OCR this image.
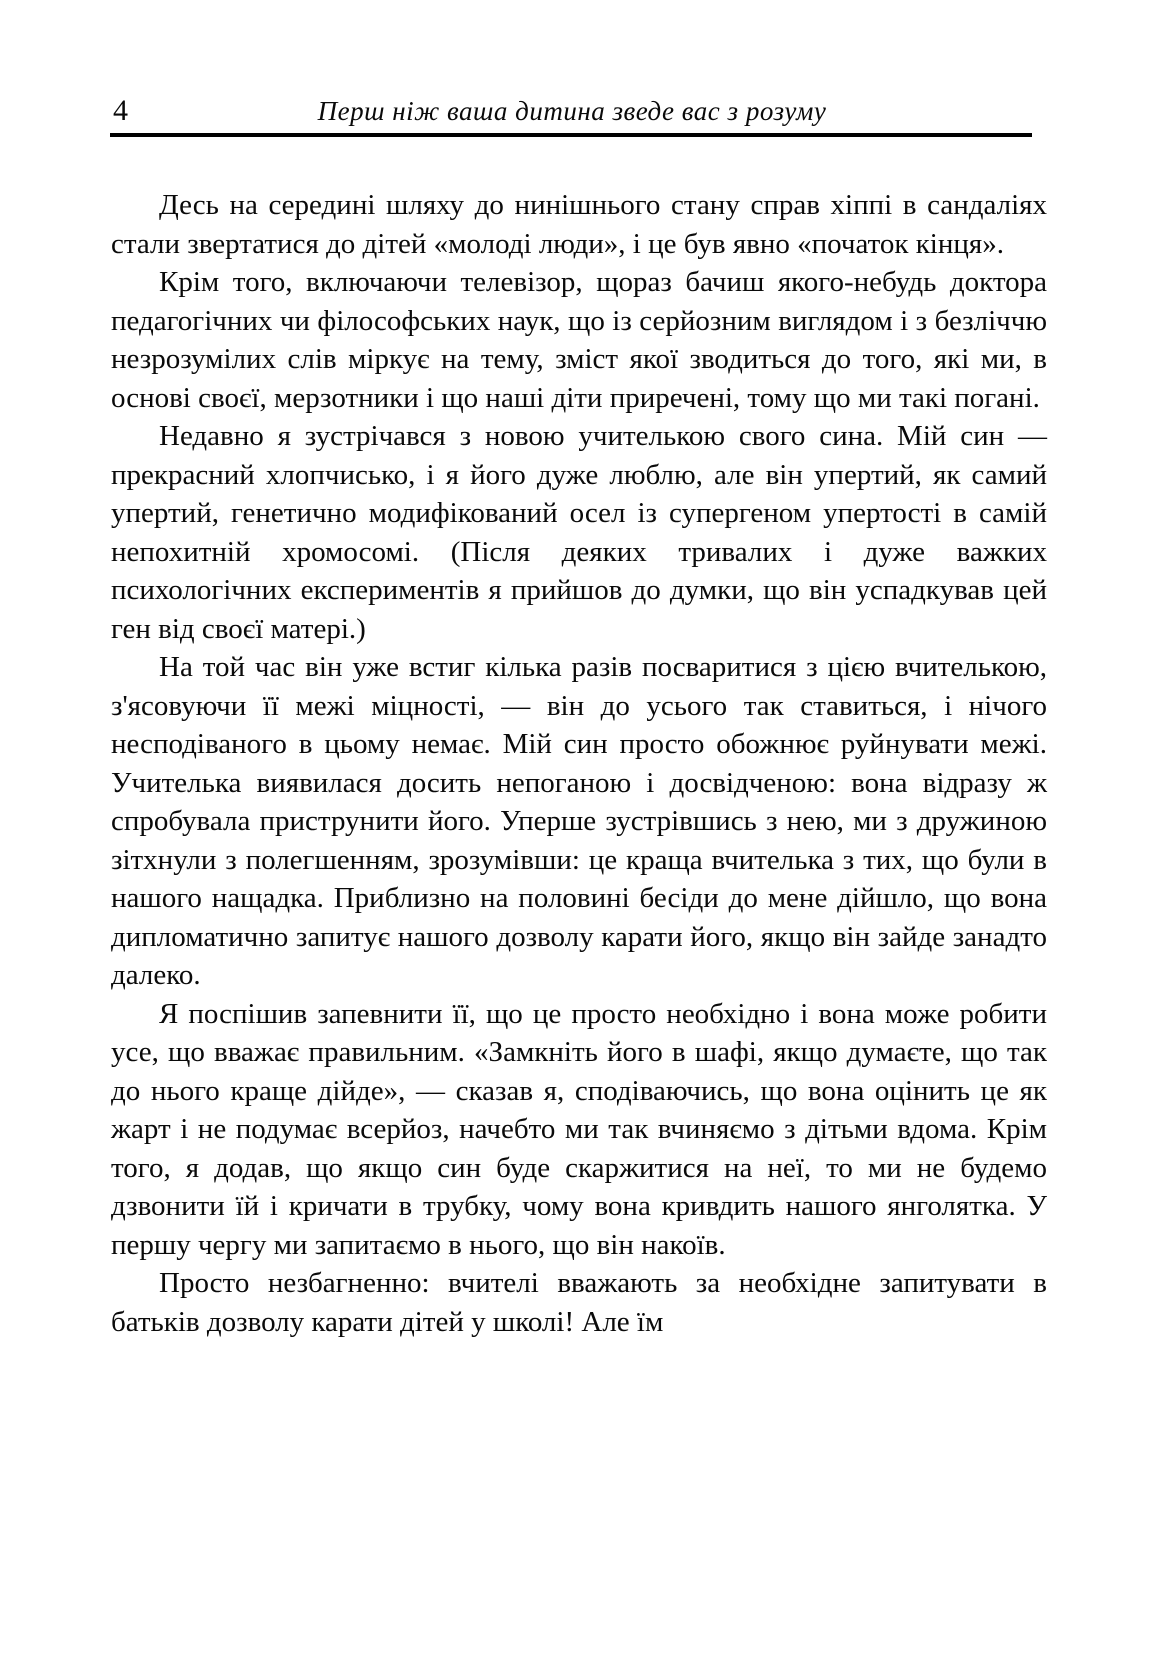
4	Перш ніж ваша дитина зведе вас з розуму

Десь на середині шляху до нинішнього стану справ хіппі в сандаліях стали звертатися до дітей «молоді люди», і це був явно «початок кінця».

Крім того, включаючи телевізор, щораз бачиш якого-небудь доктора педагогічних чи філософських наук, що із серйозним виглядом і з безліччю незрозумілих слів міркує на тему, зміст якої зводиться до того, які ми, в основі своєї, мерзотники і що наші діти приречені, тому що ми такі погані.

Недавно я зустрічався з новою учителькою свого сина. Мій син — прекрасний хлопчисько, і я його дуже люблю, але він упертий, як самий упертий, генетично модифікований осел із супергеном упертості в самій непохитній хромосомі. (Після деяких тривалих і дуже важких психологічних експериментів я прийшов до думки, що він успадкував цей ген від своєї матері.)

На той час він уже встиг кілька разів посваритися з цією вчителькою, з'ясовуючи її межі міцності, — він до усього так ставиться, і нічого несподіваного в цьому немає. Мій син просто обожнює руйнувати межі. Учителька виявилася досить непоганою і досвідченою: вона відразу ж спробувала приструнити його. Уперше зустрівшись з нею, ми з дружиною зітхнули з полегшенням, зрозумівши: це краща вчителька з тих, що були в нашого нащадка. Приблизно на половині бесіди до мене дійшло, що вона дипломатично запитує нашого дозволу карати його, якщо він зайде занадто далеко.

Я поспішив запевнити її, що це просто необхідно і вона може робити усе, що вважає правильним. «Замкніть його в шафі, якщо думаєте, що так до нього краще дійде», — сказав я, сподіваючись, що вона оцінить це як жарт і не подумає всерйоз, начебто ми так вчиняємо з дітьми вдома. Крім того, я додав, що якщо син буде скаржитися на неї, то ми не будемо дзвонити їй і кричати в трубку, чому вона кривдить нашого янголятка. У першу чергу ми запитаємо в нього, що він накоїв.

Просто незбагненно: вчителі вважають за необхідне запитувати в батьків дозволу карати дітей у школі! Але їм
